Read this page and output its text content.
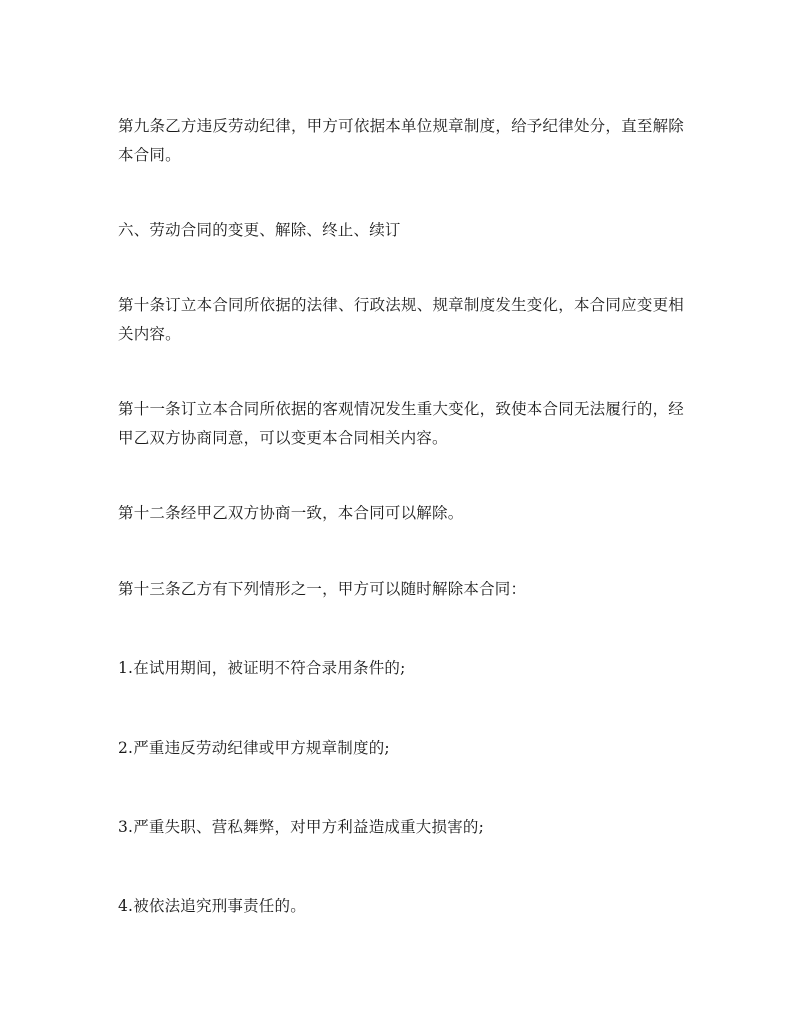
第九条乙方违反劳动纪律，甲方可依据本单位规章制度，给予纪律处分，直至解除本合同。

六、劳动合同的变更、解除、终止、续订

第十条订立本合同所依据的法律、行政法规、规章制度发生变化，本合同应变更相关内容。

第十一条订立本合同所依据的客观情况发生重大变化，致使本合同无法履行的，经甲乙双方协商同意，可以变更本合同相关内容。

第十二条经甲乙双方协商一致，本合同可以解除。

第十三条乙方有下列情形之一，甲方可以随时解除本合同：

1.在试用期间，被证明不符合录用条件的;

2.严重违反劳动纪律或甲方规章制度的;

3.严重失职、营私舞弊，对甲方利益造成重大损害的;

4.被依法追究刑事责任的。
